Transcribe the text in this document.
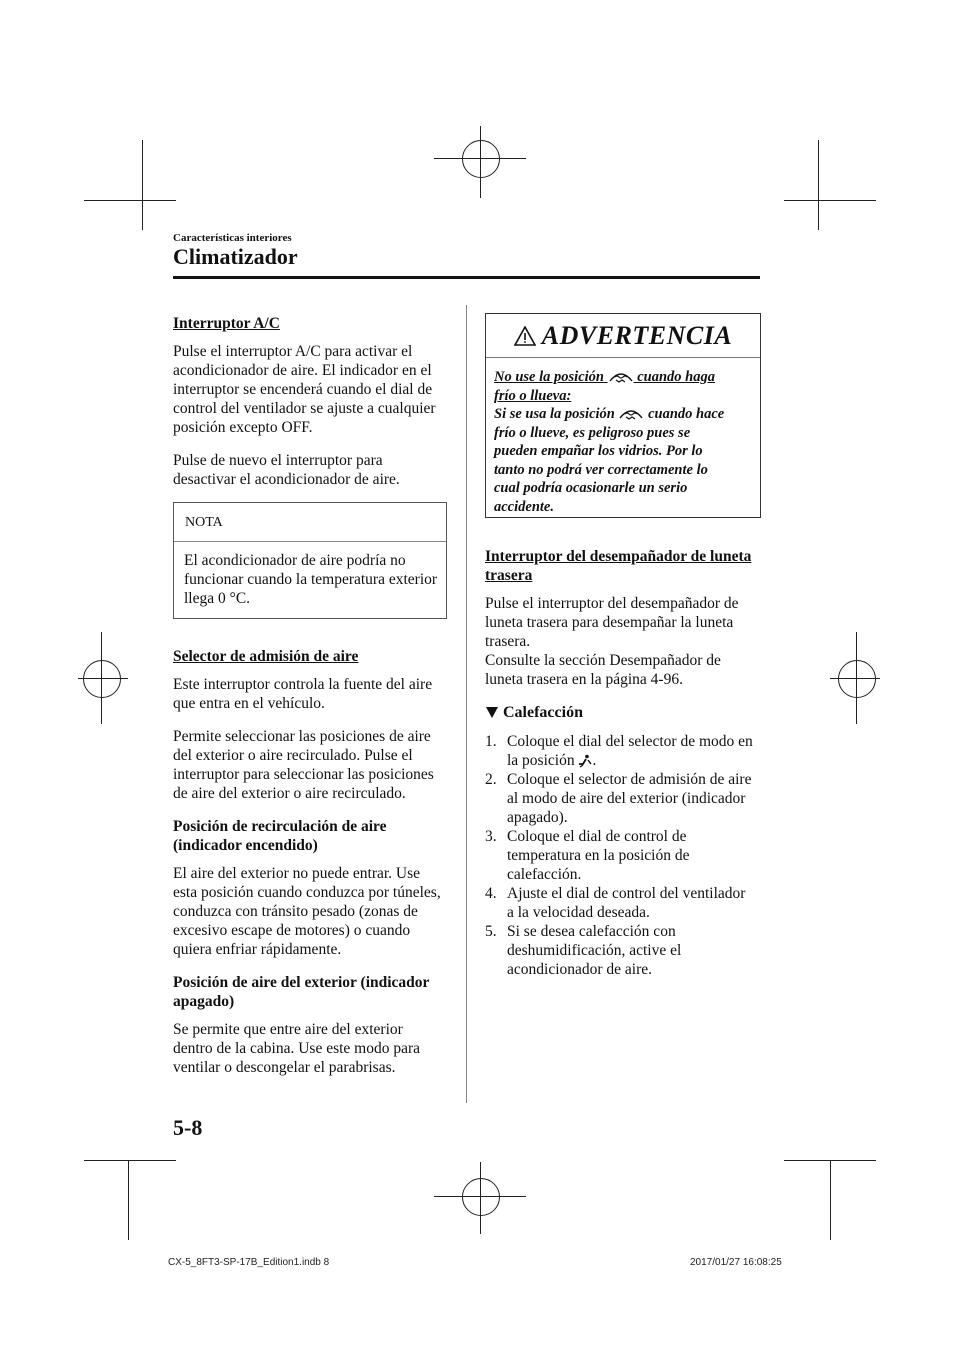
Características interiores
Climatizador

Interruptor A/C

Pulse el interruptor A/C para activar el

acondicionador de aire. El indicador en el

interruptor se encenderá cuando el dial de

control del ventilador se ajuste a cualquier

posición excepto OFF.

Pulse de nuevo el interruptor para

desactivar el acondicionador de aire.

NOTA

El acondicionador de aire podría no

funcionar cuando la temperatura exterior

llega 0 °C.

Selector de admisión de aire

Este interruptor controla la fuente del aire

que entra en el vehículo.

Permite seleccionar las posiciones de aire

del exterior o aire recirculado. Pulse el

interruptor para seleccionar las posiciones

de aire del exterior o aire recirculado.

Posición de recirculación de aire

(indicador encendido)

El aire del exterior no puede entrar. Use

esta posición cuando conduzca por túneles,

conduzca con tránsito pesado (zonas de

excesivo escape de motores) o cuando

quiera enfriar rápidamente.

Posición de aire del exterior (indicador

apagado)

Se permite que entre aire del exterior

dentro de la cabina. Use este modo para

ventilar o descongelar el parabrisas.

ADVERTENCIA
No use la posición  cuando haga
frío o llueva:
Si se usa la posición  cuando hace
frío o llueve, es peligroso pues se
pueden empañar los vidrios. Por lo
tanto no podrá ver correctamente lo
cual podría ocasionarle un serio
accidente.

Interruptor del desempañador de luneta

trasera

Pulse el interruptor del desempañador de

luneta trasera para desempañar la luneta

trasera.

Consulte la sección Desempañador de

luneta trasera en la página 4-96.

Calefacción
1. Coloque el dial del selector de modo en
la posición .
2. Coloque el selector de admisión de aire
al modo de aire del exterior (indicador
apagado).
3. Coloque el dial de control de
temperatura en la posición de
calefacción.
4. Ajuste el dial de control del ventilador
a la velocidad deseada.
5. Si se desea calefacción con
deshumidificación, active el
acondicionador de aire.
5-8
CX-5_8FT3-SP-17B_Edition1.indb 8	2017/01/27 16:08:25
